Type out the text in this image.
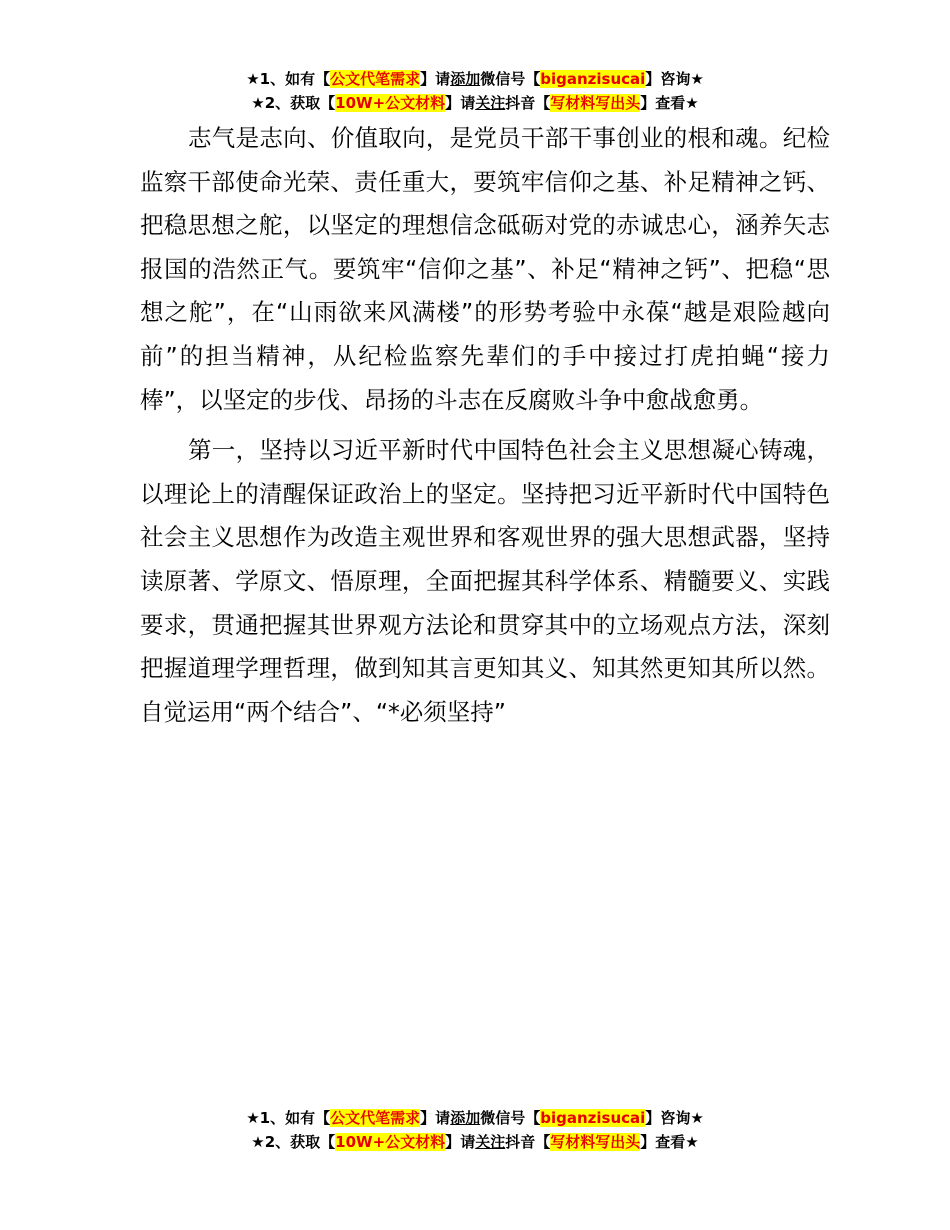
★1、如有【公文代笔需求】请添加微信号【biganzisucai】咨询★
★2、获取【10W+公文材料】请关注抖音【写材料写出头】查看★

志气是志向、价值取向，是党员干部干事创业的根和魂。纪检监察干部使命光荣、责任重大，要筑牢信仰之基、补足精神之钙、把稳思想之舵，以坚定的理想信念砥砺对党的赤诚忠心，涵养矢志报国的浩然正气。要筑牢“信仰之基”、补足“精神之钙”、把稳“思想之舵”，在“山雨欲来风满楼”的形势考验中永葆“越是艰险越向前”的担当精神，从纪检监察先辈们的手中接过打虎拍蝇“接力棒”，以坚定的步伐、昂扬的斗志在反腐败斗争中愈战愈勇。

第一，坚持以习近平新时代中国特色社会主义思想凝心铸魂，以理论上的清醒保证政治上的坚定。坚持把习近平新时代中国特色社会主义思想作为改造主观世界和客观世界的强大思想武器，坚持读原著、学原文、悟原理，全面把握其科学体系、精髓要义、实践要求，贯通把握其世界观方法论和贯穿其中的立场观点方法，深刻把握道理学理哲理，做到知其言更知其义、知其然更知其所以然。自觉运用“两个结合”、“*必须坚持”

★1、如有【公文代笔需求】请添加微信号【biganzisucai】咨询★
★2、获取【10W+公文材料】请关注抖音【写材料写出头】查看★
